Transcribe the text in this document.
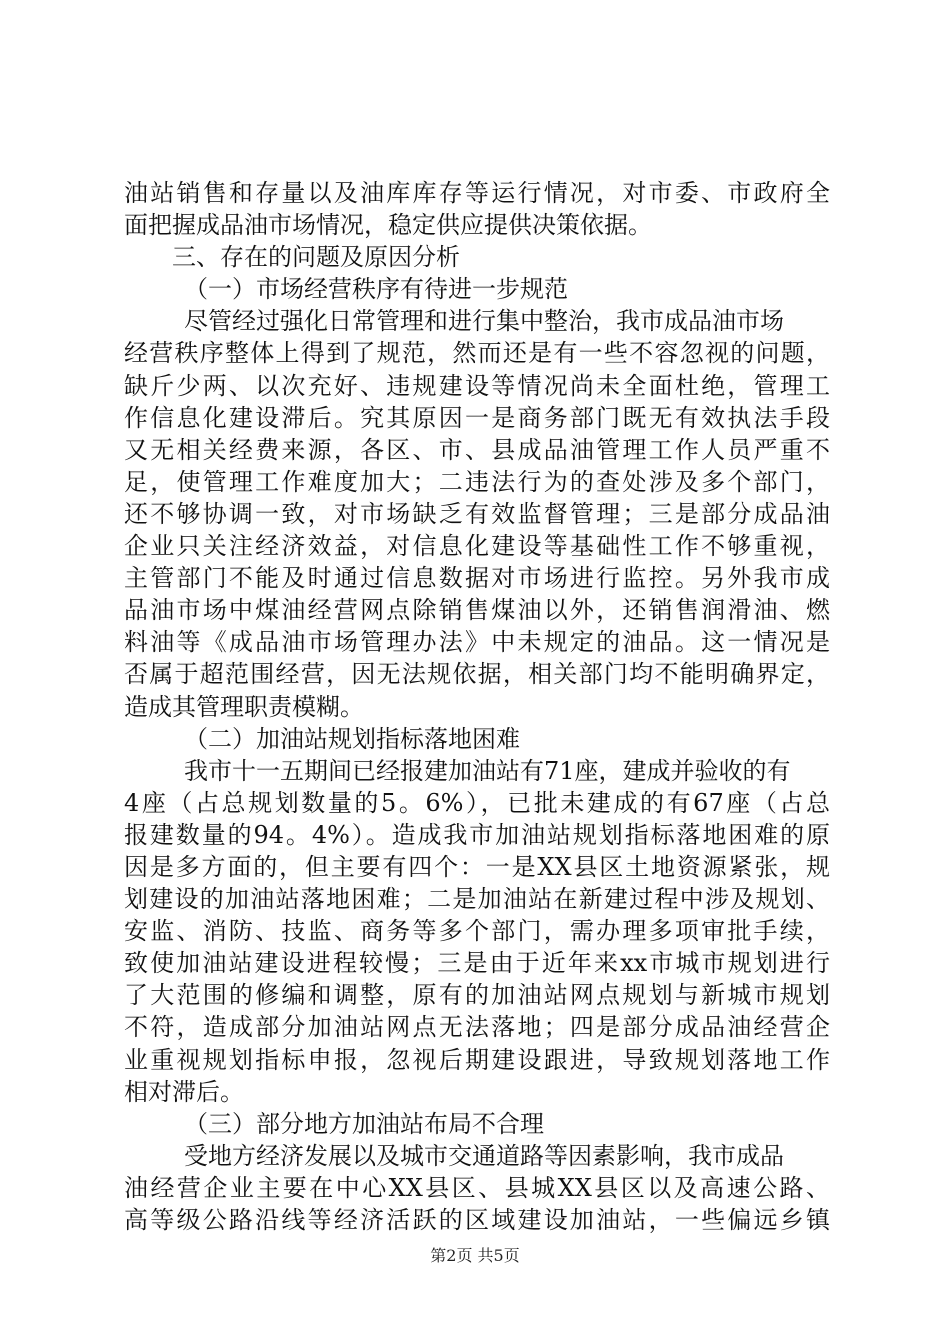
油站销售和存量以及油库库存等运行情况，对市委、市政府全
面把握成品油市场情况，稳定供应提供决策依据。
三、存在的问题及原因分析
（一）市场经营秩序有待进一步规范
尽管经过强化日常管理和进行集中整治，我市成品油市场
经营秩序整体上得到了规范，然而还是有一些不容忽视的问题，
缺斤少两、以次充好、违规建设等情况尚未全面杜绝，管理工
作信息化建设滞后。究其原因一是商务部门既无有效执法手段
又无相关经费来源，各区、市、县成品油管理工作人员严重不
足，使管理工作难度加大；二违法行为的查处涉及多个部门，
还不够协调一致，对市场缺乏有效监督管理；三是部分成品油
企业只关注经济效益，对信息化建设等基础性工作不够重视，
主管部门不能及时通过信息数据对市场进行监控。另外我市成
品油市场中煤油经营网点除销售煤油以外，还销售润滑油、燃
料油等《成品油市场管理办法》中未规定的油品。这一情况是
否属于超范围经营，因无法规依据，相关部门均不能明确界定，
造成其管理职责模糊。
（二）加油站规划指标落地困难
我市十一五期间已经报建加油站有71座，建成并验收的有
4座（占总规划数量的5。6%），已批未建成的有67座（占总
报建数量的94。4%）。造成我市加油站规划指标落地困难的原
因是多方面的，但主要有四个：一是XX县区土地资源紧张，规
划建设的加油站落地困难；二是加油站在新建过程中涉及规划、
安监、消防、技监、商务等多个部门，需办理多项审批手续，
致使加油站建设进程较慢；三是由于近年来xx市城市规划进行
了大范围的修编和调整，原有的加油站网点规划与新城市规划
不符，造成部分加油站网点无法落地；四是部分成品油经营企
业重视规划指标申报，忽视后期建设跟进，导致规划落地工作
相对滞后。
（三）部分地方加油站布局不合理
受地方经济发展以及城市交通道路等因素影响，我市成品
油经营企业主要在中心XX县区、县城XX县区以及高速公路、
高等级公路沿线等经济活跃的区域建设加油站，一些偏远乡镇
第2页 共5页
